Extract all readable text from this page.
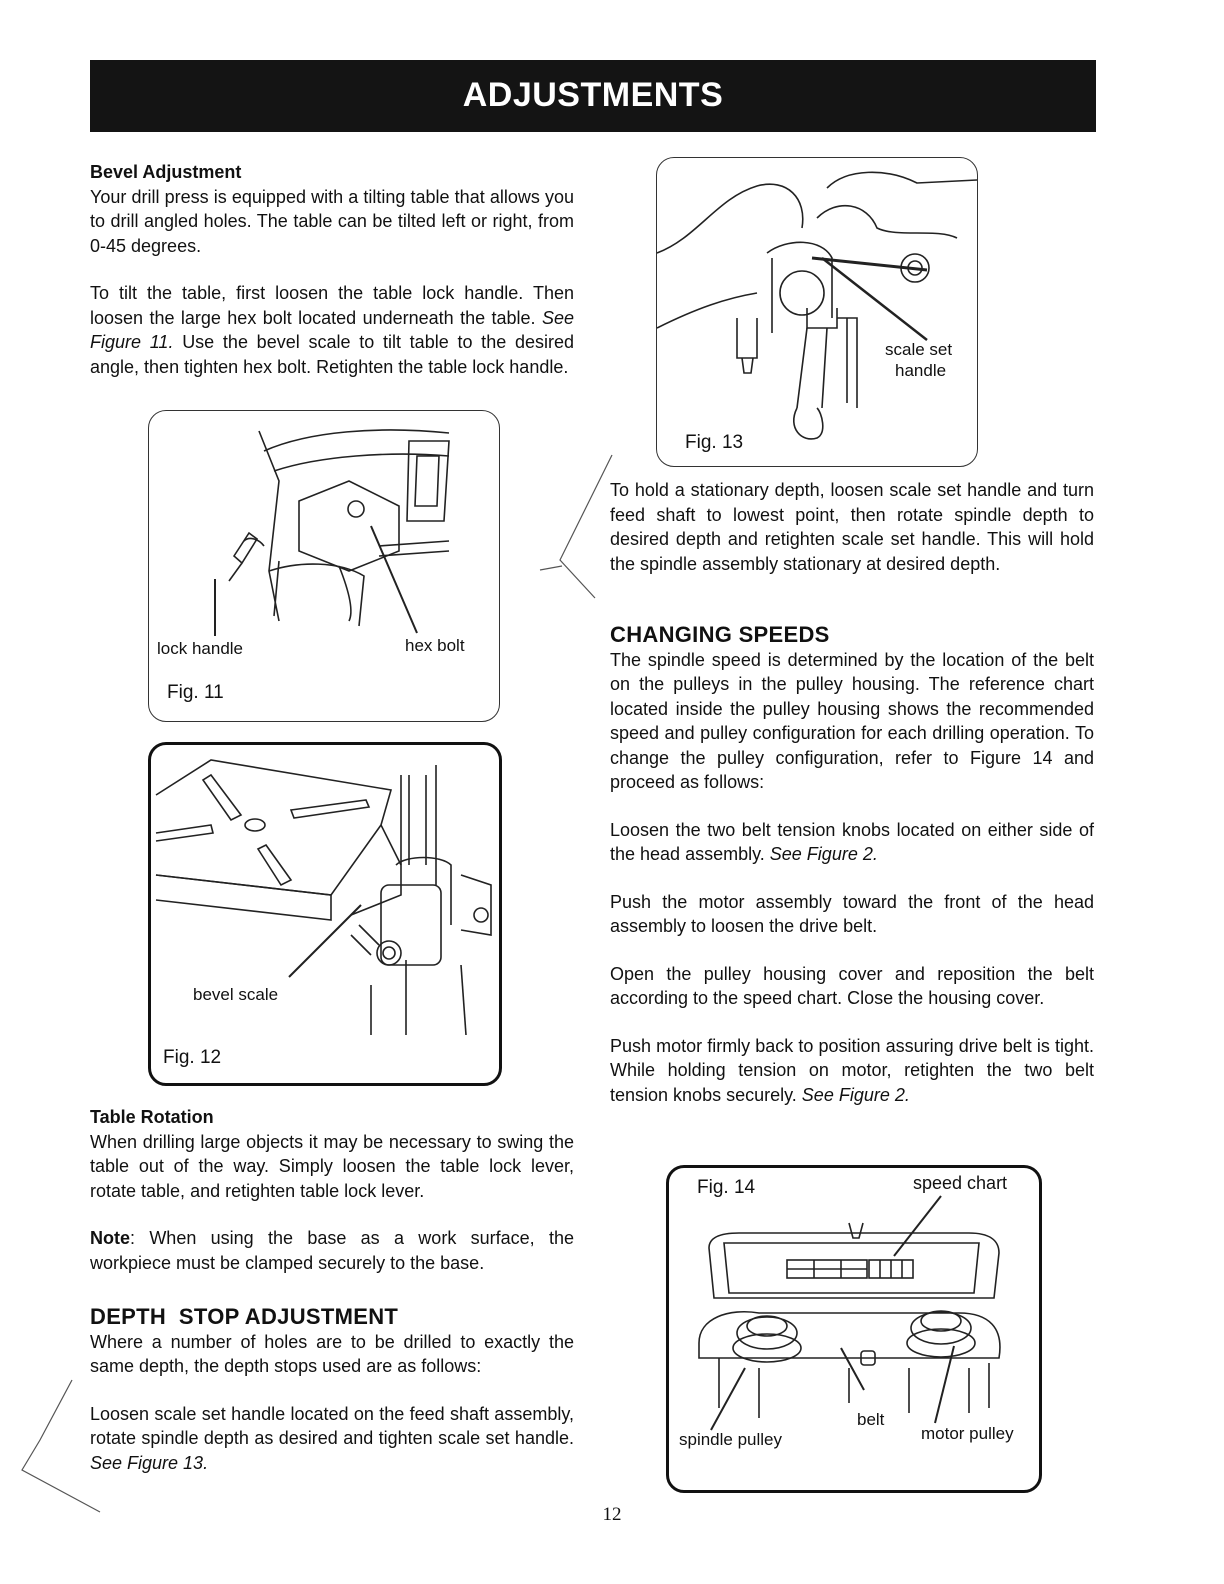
ADJUSTMENTS

Bevel Adjustment

Your drill press is equipped with a tilting table that allows you to drill angled holes. The table can be tilted left or right, from 0-45 degrees.

To tilt the table, first loosen the table lock handle. Then loosen the large hex bolt located underneath the table. See Figure 11. Use the bevel scale to tilt table to the desired angle, then tighten hex bolt. Retighten the table lock handle.

lock handle	hex bolt
Fig. 11
bevel scale
Fig. 12

Table Rotation

When drilling large objects it may be necessary to swing the table out of the way. Simply loosen the table lock lever, rotate table, and retighten table lock lever.

Note: When using the base as a work surface, the workpiece must be clamped securely to the base.

DEPTH  STOP ADJUSTMENT

Where a number of holes are to be drilled to exactly the same depth, the depth stops used are as follows:

Loosen scale set handle located on the feed shaft assembly, rotate spindle depth as desired and tighten scale set handle. See Figure 13.

scale set
handle
Fig. 13

To hold a stationary depth, loosen scale set handle and turn feed shaft to lowest point, then rotate spindle depth to desired depth and retighten scale set handle. This will hold the spindle assembly stationary at desired depth.

CHANGING SPEEDS

The spindle speed is determined by the location of the belt on the pulleys in the pulley housing. The reference chart located inside the pulley housing shows the recommended speed and pulley configuration for each drilling operation. To change the pulley configuration, refer to Figure 14 and proceed as follows:

Loosen the two belt tension knobs located on either side of the head assembly. See Figure 2.

Push the motor assembly toward the front of the head assembly to loosen the drive belt.

Open the pulley housing cover and reposition the belt according to the speed chart. Close the housing cover.

Push motor firmly back to position assuring drive belt is tight. While holding tension on motor, retighten the two belt tension knobs securely. See Figure 2.

Fig. 14	speed chart
belt
spindle pulley	motor pulley
12
